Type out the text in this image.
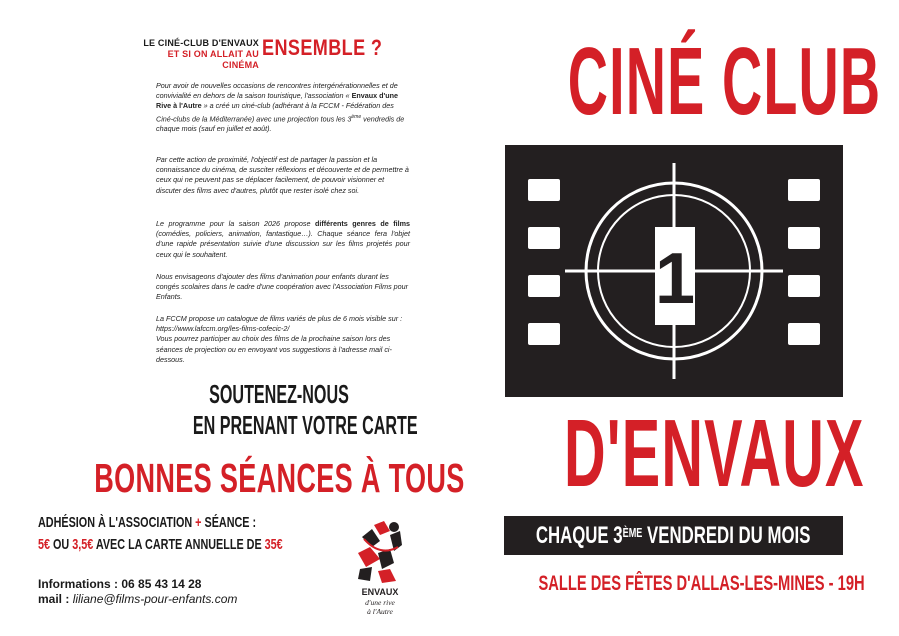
LE CINÉ-CLUB D'ENVAUX
ET SI ON ALLAIT AU CINÉMA
ENSEMBLE ?
Pour avoir de nouvelles occasions de rencontres intergénérationnelles et de convivialité en dehors de la saison touristique, l'association « Envaux d'une Rive à l'Autre » a créé un ciné-club (adhérant à la FCCM - Fédération des Ciné-clubs de la Méditerranée) avec une projection tous les 3ème vendredis de chaque mois (sauf en juillet et août).
Par cette action de proximité, l'objectif est de partager la passion et la connaissance du cinéma, de susciter réflexions et découverte et de permettre à ceux qui ne peuvent pas se déplacer facilement, de pouvoir visionner et discuter des films avec d'autres, plutôt que rester isolé chez soi.
Le programme pour la saison 2026 propose différents genres de films (comédies, policiers, animation, fantastique…). Chaque séance fera l'objet d'une rapide présentation suivie d'une discussion sur les films projetés pour ceux qui le souhaitent.
Nous envisageons d'ajouter des films d'animation pour enfants durant les congés scolaires dans le cadre d'une coopération avec l'Association Films pour Enfants.
La FCCM propose un catalogue de films variés de plus de 6 mois visible sur : https://www.lafccm.org/les-films-cofecic-2/
Vous pourrez participer au choix des films de la prochaine saison lors des séances de projection ou en envoyant vos suggestions à l'adresse mail ci-dessous.
SOUTENEZ-NOUS
EN PRENANT VOTRE CARTE
BONNES SÉANCES À TOUS
ADHÉSION À L'ASSOCIATION + SÉANCE :
5€ OU 3,5€ AVEC LA CARTE ANNUELLE DE 35€
Informations : 06 85 43 14 28
mail : liliane@films-pour-enfants.com	ENVAUX
d'une rive
à l'Autre
CINÉ CLUB
1
D'ENVAUX
CHAQUE 3ÈME VENDREDI DU MOIS
SALLE DES FÊTES D'ALLAS-LES-MINES - 19H
